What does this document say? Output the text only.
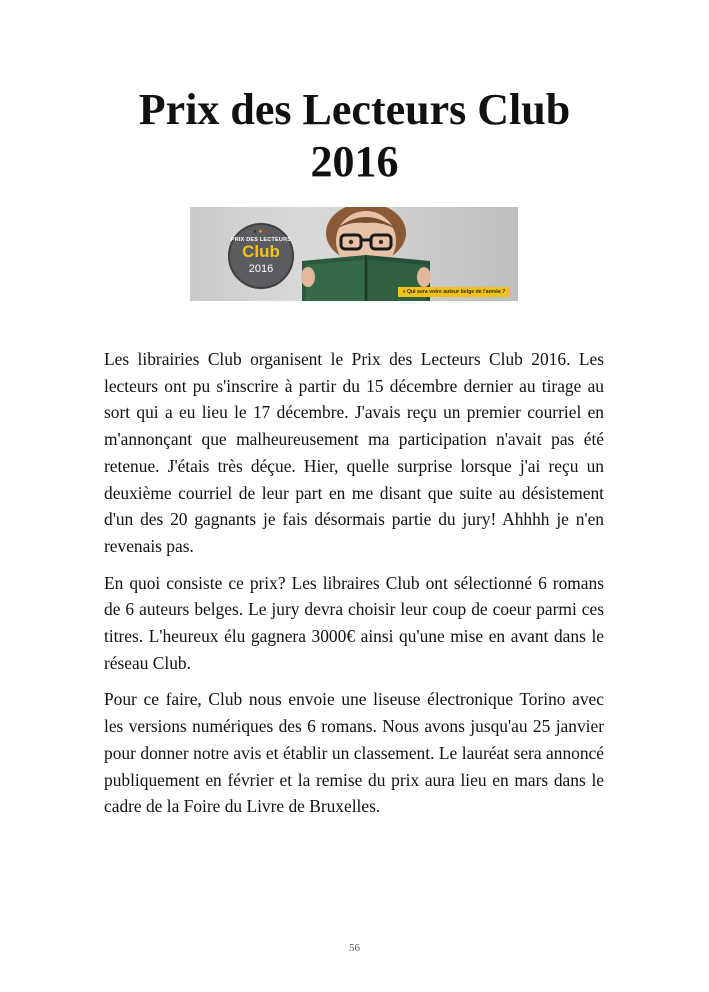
Prix des Lecteurs Club
2016
★★★
PRIX DES LECTEURS
Club
2016
» Qui sera votre auteur belge de l'année ?

Les librairies Club organisent le Prix des Lecteurs Club 2016. Les lecteurs ont pu s'inscrire à partir du 15 décembre dernier au tirage au sort qui a eu lieu le 17 décembre. J'avais reçu un premier courriel en m'annonçant que malheureusement ma participation n'avait pas été retenue. J'étais très déçue. Hier, quelle surprise lorsque j'ai reçu un deuxième courriel de leur part en me disant que suite au désistement d'un des 20 gagnants je fais désormais partie du jury! Ahhhh je n'en revenais pas.

En quoi consiste ce prix? Les libraires Club ont sélectionné 6 romans de 6 auteurs belges. Le jury devra choisir leur coup de coeur parmi ces titres. L'heureux élu gagnera 3000€ ainsi qu'une mise en avant dans le réseau Club.

Pour ce faire, Club nous envoie une liseuse électronique Torino avec les versions numériques des 6 romans. Nous avons jusqu'au 25 janvier pour donner notre avis et établir un classement. Le lauréat sera annoncé publiquement en février et la remise du prix aura lieu en mars dans le cadre de la Foire du Livre de Bruxelles.

56
